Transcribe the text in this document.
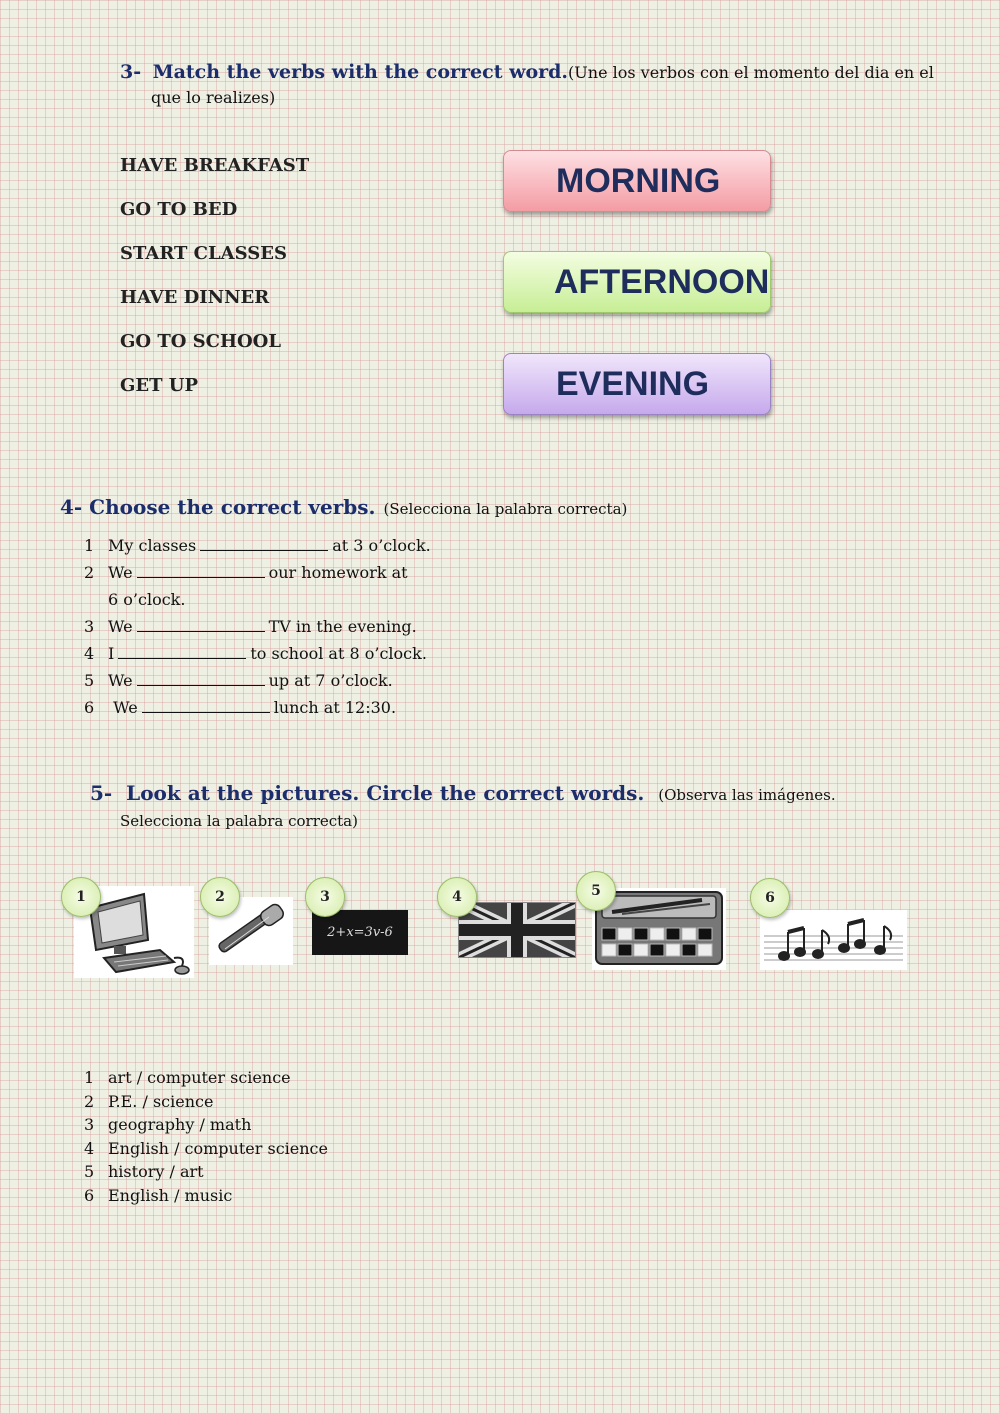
3- Match the verbs with the correct word.(Une los verbos con el momento del dia en el
que lo realizes)
HAVE BREAKFAST
GO TO BED
START CLASSES
HAVE DINNER
GO TO SCHOOL
GET UP
MORNING
AFTERNOON
EVENING
4- Choose the correct verbs. (Selecciona la palabra correcta)
1 My classes	at 3 o’clock.
2 We	our homework at
6 o’clock.
3 We	TV in the evening.
4 I	to school at 8 o’clock.
5 We	up at 7 o’clock.
6 We	lunch at 12:30.
5- Look at the pictures. Circle the correct words. (Observa las imágenes.
Selecciona la palabra correcta)
2+x=3v-6
1	2	3	4	5	6
1 art / computer science
2 P.E. / science
3 geography / math
4 English / computer science
5 history / art
6 English / music
